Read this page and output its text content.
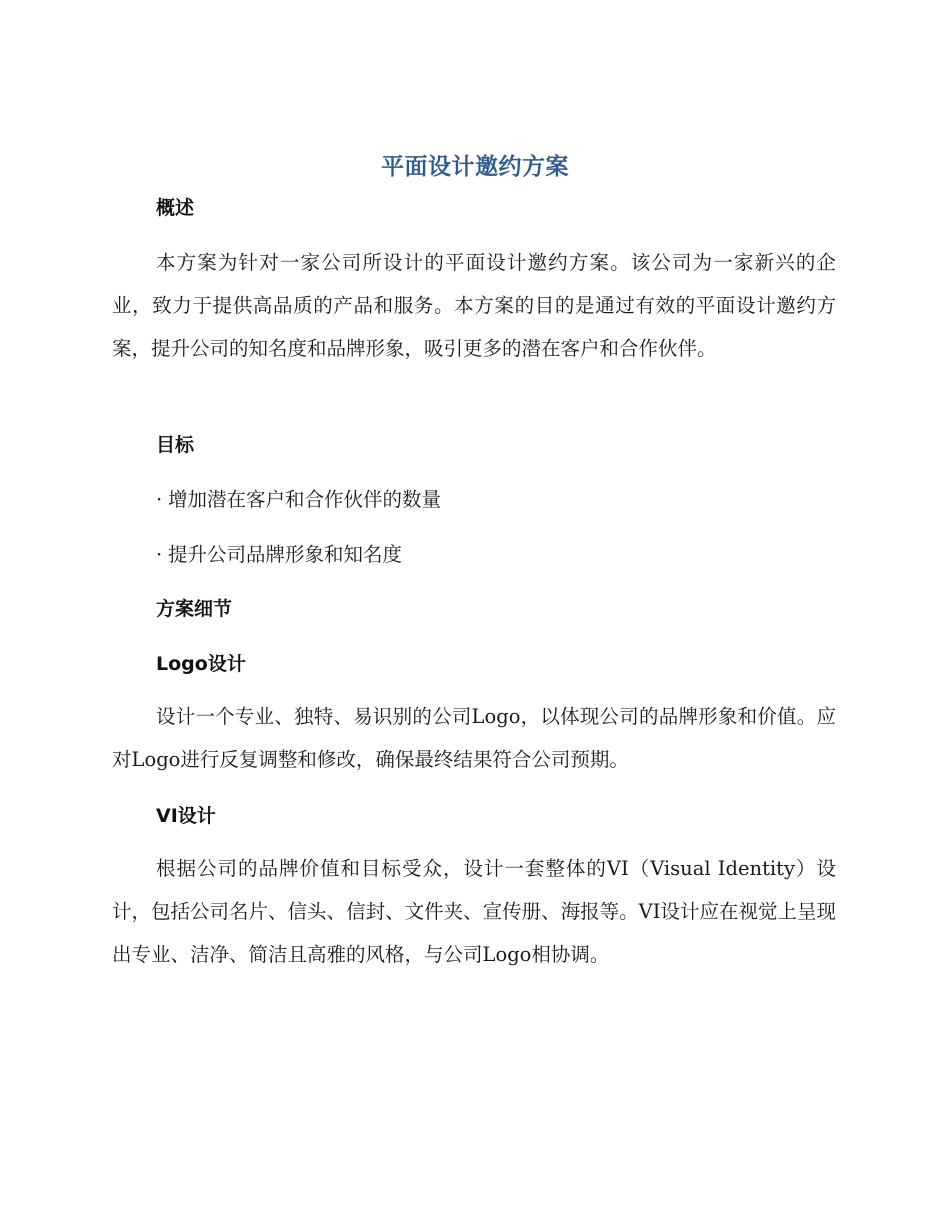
平面设计邀约方案
概述

本方案为针对一家公司所设计的平面设计邀约方案。该公司为一家新兴的企业，致力于提供高品质的产品和服务。本方案的目的是通过有效的平面设计邀约方案，提升公司的知名度和品牌形象，吸引更多的潜在客户和合作伙伴。

目标

· 增加潜在客户和合作伙伴的数量

· 提升公司品牌形象和知名度

方案细节
Logo设计

设计一个专业、独特、易识别的公司Logo，以体现公司的品牌形象和价值。应对Logo进行反复调整和修改，确保最终结果符合公司预期。

VI设计

根据公司的品牌价值和目标受众，设计一套整体的VI（Visual Identity）设计，包括公司名片、信头、信封、文件夹、宣传册、海报等。VI设计应在视觉上呈现出专业、洁净、简洁且高雅的风格，与公司Logo相协调。
